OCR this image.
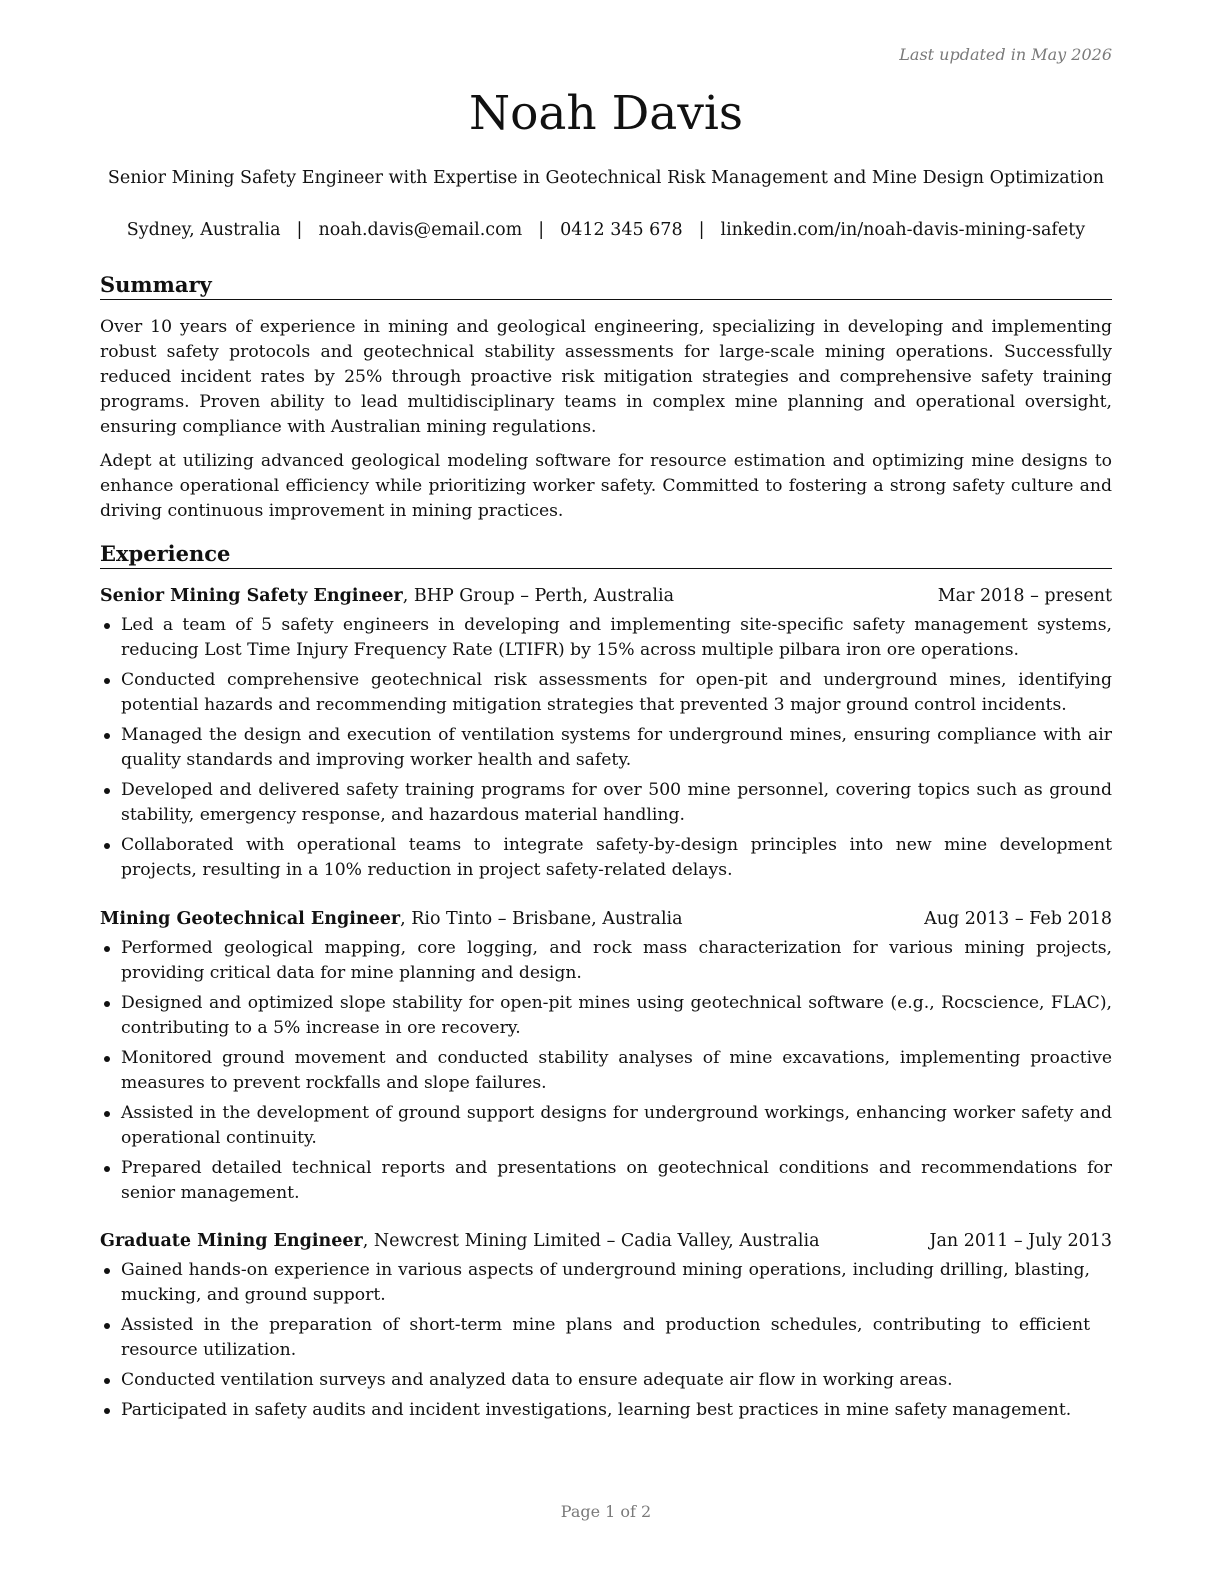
Last updated in May 2026
Noah Davis
Senior Mining Safety Engineer with Expertise in Geotechnical Risk Management and Mine Design Optimization
Sydney, Australia | noah.davis@email.com | 0412 345 678 | linkedin.com/in/noah-davis-mining-safety
Summary

Over 10 years of experience in mining and geological engineering, specializing in developing and implementing robust safety protocols and geotechnical stability assessments for large-scale mining operations. Successfully reduced incident rates by 25% through proactive risk mitigation strategies and comprehensive safety training programs. Proven ability to lead multidisciplinary teams in complex mine planning and operational oversight, ensuring compliance with Australian mining regulations.

Adept at utilizing advanced geological modeling software for resource estimation and optimizing mine designs to enhance operational efficiency while prioritizing worker safety. Committed to fostering a strong safety culture and driving continuous improvement in mining practices.

Experience
Senior Mining Safety Engineer, BHP Group – Perth, Australia	Mar 2018 – present
Led a team of 5 safety engineers in developing and implementing site-specific safety management systems, reducing Lost Time Injury Frequency Rate (LTIFR) by 15% across multiple pilbara iron ore operations.
Conducted comprehensive geotechnical risk assessments for open-pit and underground mines, identifying potential hazards and recommending mitigation strategies that prevented 3 major ground control incidents.
Managed the design and execution of ventilation systems for underground mines, ensuring compliance with air quality standards and improving worker health and safety.
Developed and delivered safety training programs for over 500 mine personnel, covering topics such as ground stability, emergency response, and hazardous material handling.
Collaborated with operational teams to integrate safety-by-design principles into new mine development projects, resulting in a 10% reduction in project safety-related delays.
Mining Geotechnical Engineer, Rio Tinto – Brisbane, Australia	Aug 2013 – Feb 2018
Performed geological mapping, core logging, and rock mass characterization for various mining projects, providing critical data for mine planning and design.
Designed and optimized slope stability for open-pit mines using geotechnical software (e.g., Rocscience, FLAC), contributing to a 5% increase in ore recovery.
Monitored ground movement and conducted stability analyses of mine excavations, implementing proactive measures to prevent rockfalls and slope failures.
Assisted in the development of ground support designs for underground workings, enhancing worker safety and operational continuity.
Prepared detailed technical reports and presentations on geotechnical conditions and recommendations for senior management.
Graduate Mining Engineer, Newcrest Mining Limited – Cadia Valley, Australia	Jan 2011 – July 2013
Gained hands-on experience in various aspects of underground mining operations, including drilling, blasting, mucking, and ground support.
Assisted in the preparation of short-term mine plans and production schedules, contributing to efficient resource utilization.
Conducted ventilation surveys and analyzed data to ensure adequate air flow in working areas.
Participated in safety audits and incident investigations, learning best practices in mine safety management.
Page 1 of 2
